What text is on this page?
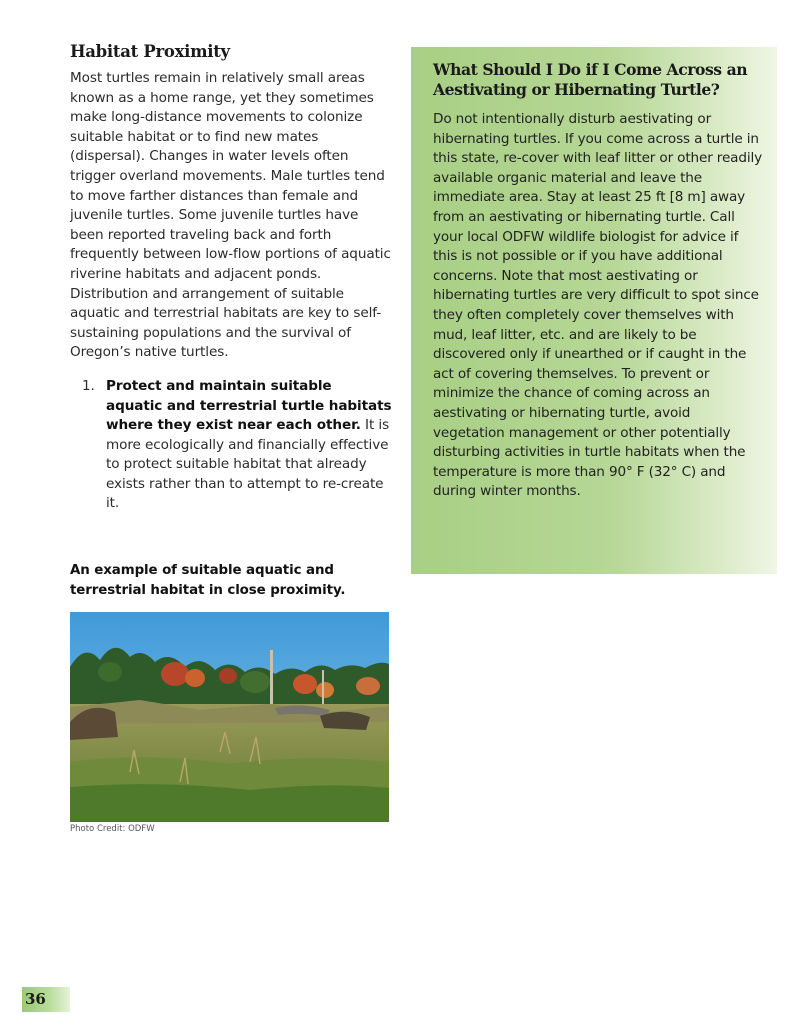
Habitat Proximity

Most turtles remain in relatively small areas known as a home range, yet they sometimes make long-distance movements to colonize suitable habitat or to find new mates (dispersal). Changes in water levels often trigger overland movements. Male turtles tend to move farther distances than female and juvenile turtles. Some juvenile turtles have been reported traveling back and forth frequently between low-flow portions of aquatic riverine habitats and adjacent ponds. Distribution and arrangement of suitable aquatic and terrestrial habitats are key to self-sustaining populations and the survival of Oregon’s native turtles.

1. Protect and maintain suitable aquatic and terrestrial turtle habitats where they exist near each other. It is more ecologically and financially effective to protect suitable habitat that already exists rather than to attempt to re-create it.
An example of suitable aquatic and terrestrial habitat in close proximity.
Photo Credit: ODFW
What Should I Do if I Come Across an Aestivating or Hibernating Turtle?

Do not intentionally disturb aestivating or hibernating turtles. If you come across a turtle in this state, re-cover with leaf litter or other readily available organic material and leave the immediate area. Stay at least 25 ft [8 m] away from an aestivating or hibernating turtle. Call your local ODFW wildlife biologist for advice if this is not possible or if you have additional concerns. Note that most aestivating or hibernating turtles are very difficult to spot since they often completely cover themselves with mud, leaf litter, etc. and are likely to be discovered only if unearthed or if caught in the act of covering themselves. To prevent or minimize the chance of coming across an aestivating or hibernating turtle, avoid vegetation management or other potentially disturbing activities in turtle habitats when the temperature is more than 90° F (32° C) and during winter months.

36
